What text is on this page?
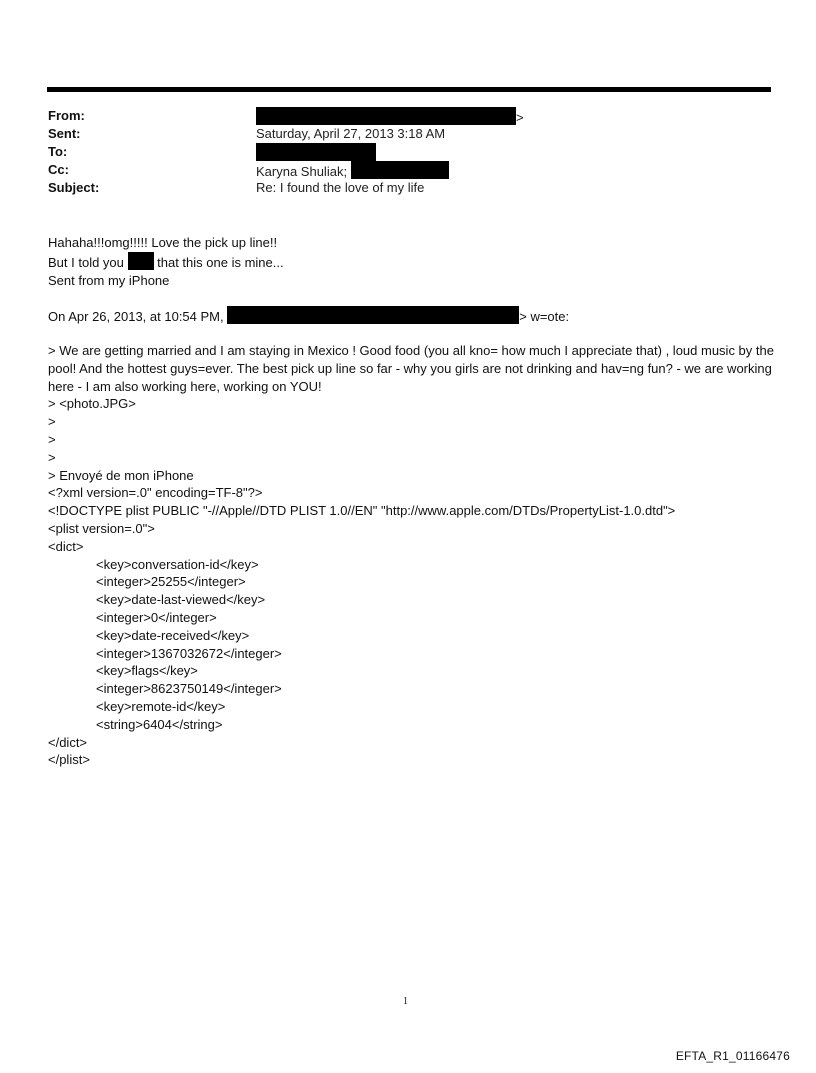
From:
Sent:
To:
Cc:
Subject:
>
Saturday, April 27, 2013 3:18 AM
Karyna Shuliak;
Re: I found the love of my life
Hahaha!!!omg!!!!! Love the pick up line!!
But I told you	that this one is mine...
Sent from my iPhone
On Apr 26, 2013, at 10:54 PM,	> w=ote:
> We are getting married and I am staying in Mexico ! Good food (you all kno= how much I appreciate that) , loud music by the pool! And the hottest guys=ever. The best pick up line so far - why you girls are not drinking and hav=ng fun? - we are working here - I am also working here, working on YOU!
> <photo.JPG>
>
>
>
> Envoyé de mon iPhone
<?xml version=.0" encoding=TF-8"?>
<!DOCTYPE plist PUBLIC "-//Apple//DTD PLIST 1.0//EN" "http://www.apple.com/DTDs/PropertyList-1.0.dtd">
<plist version=.0">
<dict>
<key>conversation-id</key>
<integer>25255</integer>
<key>date-last-viewed</key>
<integer>0</integer>
<key>date-received</key>
<integer>1367032672</integer>
<key>flags</key>
<integer>8623750149</integer>
<key>remote-id</key>
<string>6404</string>
</dict>
</plist>
1
EFTA_R1_01166476
